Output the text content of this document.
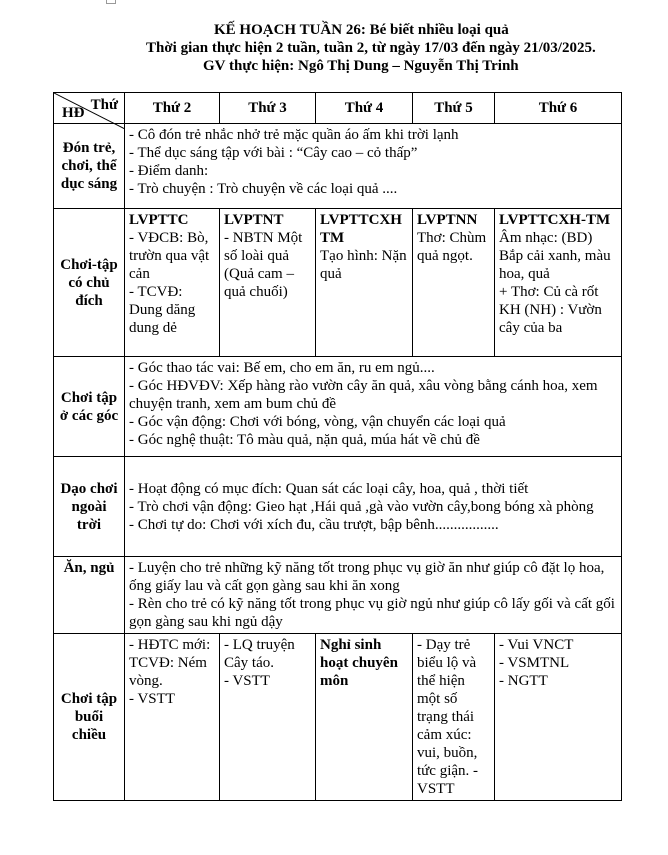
KẾ HOẠCH TUẦN 26: Bé biết nhiều loại quả
Thời gian thực hiện 2 tuần, tuần 2, từ ngày 17/03 đến ngày 21/03/2025.
GV thực hiện: Ngô Thị Dung – Nguyễn Thị Trinh
Thứ
HĐ	Thứ 2	Thứ 3	Thứ 4	Thứ 5	Thứ 6
Đón trẻ, chơi, thể dục sáng	- Cô đón trẻ nhắc nhở trẻ mặc quần áo ấm khi trời lạnh
- Thể dục sáng tập với bài : “Cây cao – cỏ thấp”
- Điểm danh:
- Trò chuyện : Trò chuyện về các loại quả ....				

Chơi-tập có chủ đích	LVPTTC
- VĐCB: Bò, trườn qua vật cản
- TCVĐ: Dung dăng dung dẻ	LVPTNT
- NBTN Một số loài quả (Quả cam – quả chuối)	LVPTTCXH TM
Tạo hình: Nặn quả	LVPTNN
Thơ: Chùm quả ngọt.	LVPTTCXH-TM
Âm nhạc: (BD) Bắp cải xanh, màu hoa, quả
+ Thơ: Củ cà rốt KH (NH) : Vườn cây của ba

Chơi tập ở các góc	- Góc thao tác vai: Bế em, cho em ăn, ru em ngủ....
- Góc HĐVĐV: Xếp hàng rào vườn cây ăn quả, xâu vòng bằng cánh hoa, xem chuyện tranh, xem am bum chủ đề
- Góc vận động: Chơi với bóng, vòng, vận chuyển các loại quả
- Góc nghệ thuật: Tô màu quả, nặn quả, múa hát về chủ đề				

Dạo chơi ngoài trời	- Hoạt động có mục đích: Quan sát các loại cây, hoa, quả , thời tiết
- Trò chơi vận động: Gieo hạt ,Hái quả ,gà vào vườn cây,bong bóng xà phòng
- Chơi tự do: Chơi với xích đu, cầu trượt, bập bênh.................				

Ăn, ngủ	- Luyện cho trẻ những kỹ năng tốt trong phục vụ giờ ăn như giúp cô đặt lọ hoa, ống giấy lau và cất gọn gàng sau khi ăn xong
- Rèn cho trẻ có kỹ năng tốt trong phục vụ giờ ngủ như giúp cô lấy gối và cất gối gọn gàng sau khi ngủ dậy				

Chơi tập buổi chiều	- HĐTC mới: TCVĐ: Ném vòng.
- VSTT	- LQ truyện Cây táo.
- VSTT	Nghỉ sinh hoạt chuyên môn	- Dạy trẻ biểu lộ và thể hiện một số trạng thái cảm xúc: vui, buồn, tức giận. - VSTT	- Vui VNCT
- VSMTNL
- NGTT
